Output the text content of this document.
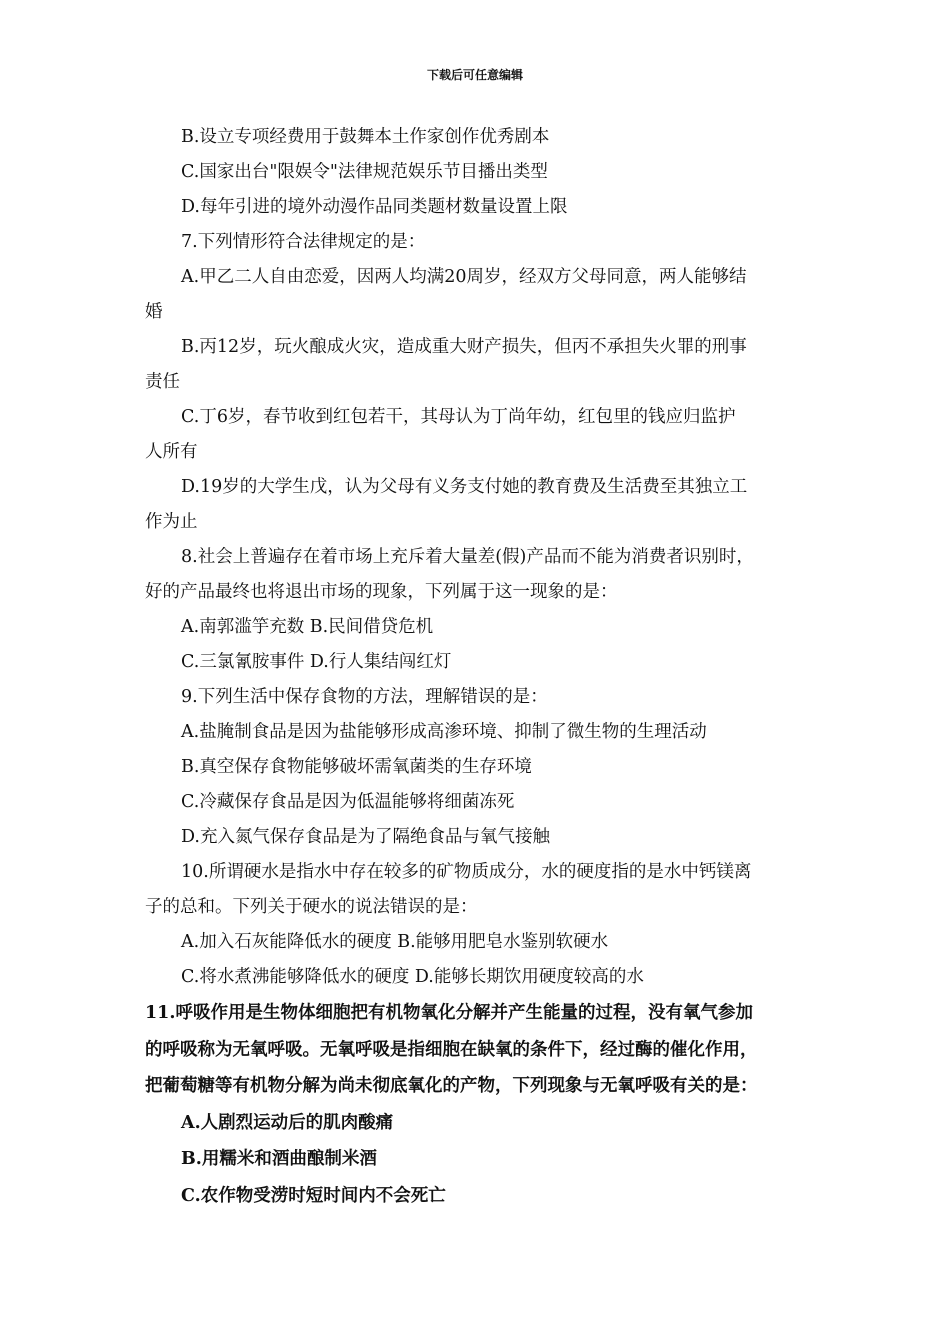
下载后可任意编辑

B.设立专项经费用于鼓舞本土作家创作优秀剧本

C.国家出台"限娱令"法律规范娱乐节目播出类型

D.每年引进的境外动漫作品同类题材数量设置上限

7.下列情形符合法律规定的是：

A.甲乙二人自由恋爱，因两人均满20周岁，经双方父母同意，两人能够结

婚

B.丙12岁，玩火酿成火灾，造成重大财产损失，但丙不承担失火罪的刑事

责任

C.丁6岁，春节收到红包若干，其母认为丁尚年幼，红包里的钱应归监护

人所有

D.19岁的大学生戊，认为父母有义务支付她的教育费及生活费至其独立工

作为止

8.社会上普遍存在着市场上充斥着大量差(假)产品而不能为消费者识别时，

好的产品最终也将退出市场的现象，下列属于这一现象的是：

A.南郭滥竽充数 B.民间借贷危机

C.三氯氰胺事件 D.行人集结闯红灯

9.下列生活中保存食物的方法，理解错误的是：

A.盐腌制食品是因为盐能够形成高渗环境、抑制了微生物的生理活动

B.真空保存食物能够破坏需氧菌类的生存环境

C.冷藏保存食品是因为低温能够将细菌冻死

D.充入氮气保存食品是为了隔绝食品与氧气接触

10.所谓硬水是指水中存在较多的矿物质成分，水的硬度指的是水中钙镁离

子的总和。下列关于硬水的说法错误的是：

A.加入石灰能降低水的硬度 B.能够用肥皂水鉴别软硬水

C.将水煮沸能够降低水的硬度 D.能够长期饮用硬度较高的水

11.呼吸作用是生物体细胞把有机物氧化分解并产生能量的过程，没有氧气参加

的呼吸称为无氧呼吸。无氧呼吸是指细胞在缺氧的条件下，经过酶的催化作用，

把葡萄糖等有机物分解为尚未彻底氧化的产物，下列现象与无氧呼吸有关的是：

A.人剧烈运动后的肌肉酸痛

B.用糯米和酒曲酿制米酒

C.农作物受涝时短时间内不会死亡
